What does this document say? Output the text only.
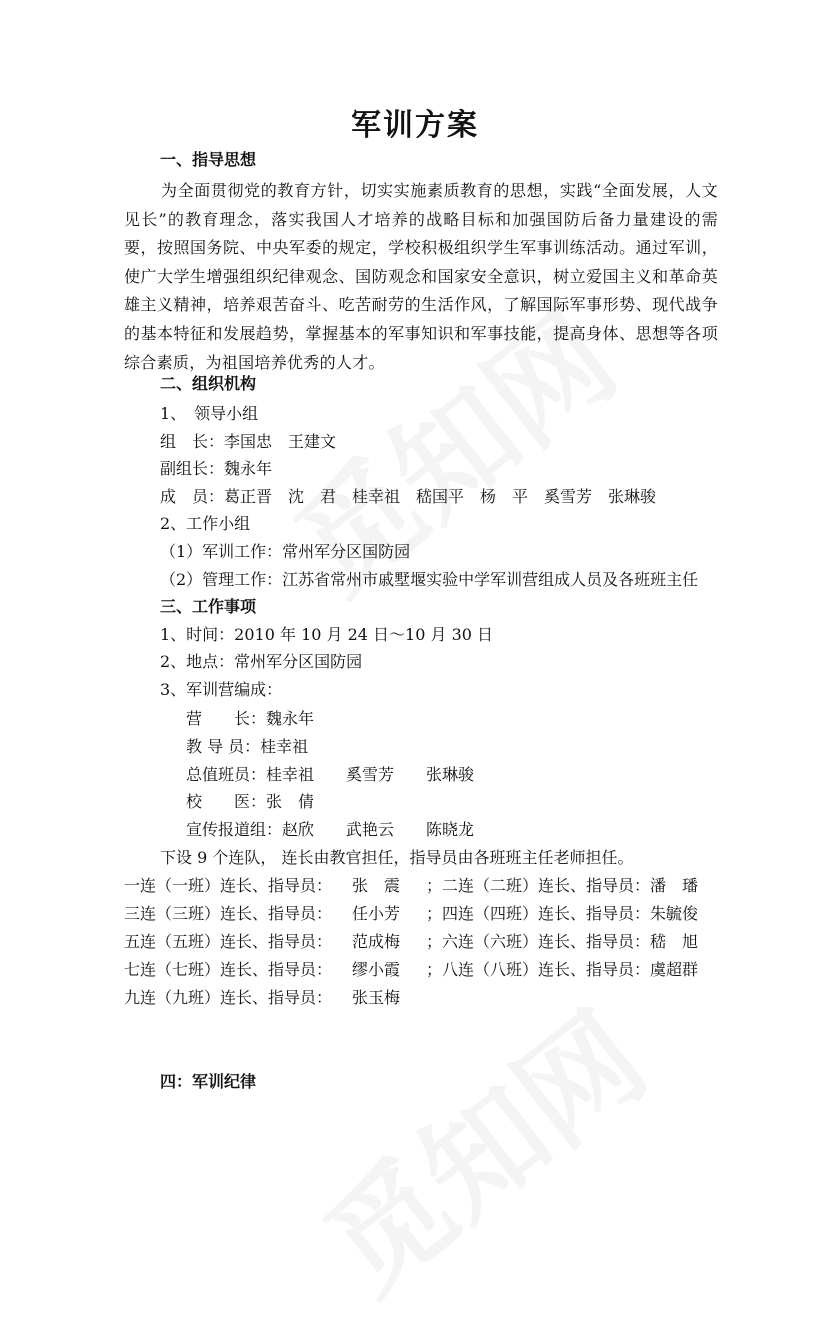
军训方案
一、指导思想
为全面贯彻党的教育方针，切实实施素质教育的思想，实践“全面发展，人文见长”的教育理念，落实我国人才培养的战略目标和加强国防后备力量建设的需要，按照国务院、中央军委的规定，学校积极组织学生军事训练活动。通过军训，使广大学生增强组织纪律观念、国防观念和国家安全意识，树立爱国主义和革命英雄主义精神，培养艰苦奋斗、吃苦耐劳的生活作风，了解国际军事形势、现代战争的基本特征和发展趋势，掌握基本的军事知识和军事技能，提高身体、思想等各项综合素质，为祖国培养优秀的人才。
二、组织机构
1、　领导小组
组　长：李国忠　王建文
副组长：魏永年
成　员：葛正晋　沈　君　桂幸祖　嵇国平　杨　平　奚雪芳　张琳骏
2、工作小组
（1）军训工作：常州军分区国防园
（2）管理工作：江苏省常州市戚墅堰实验中学军训营组成人员及各班班主任
三、工作事项
1、时间：2010 年 10 月 24 日～10 月 30 日
2、地点：常州军分区国防园
3、军训营编成：
营　　长：魏永年
教 导 员：桂幸祖
总值班员：桂幸祖　　奚雪芳　　张琳骏
校　　医：张　倩
宣传报道组：赵欣　　武艳云　　陈晓龙
下设 9 个连队， 连长由教官担任，指导员由各班班主任老师担任。
一连（一班）连长、指导员： 张　震 ；二连（二班）连长、指导员：潘　璠
三连（三班）连长、指导员： 任小芳 ；四连（四班）连长、指导员：朱毓俊
五连（五班）连长、指导员： 范成梅 ；六连（六班）连长、指导员：嵇　旭
七连（七班）连长、指导员： 缪小霞 ；八连（八班）连长、指导员：虞超群
九连（九班）连长、指导员： 张玉梅
四：军训纪律
